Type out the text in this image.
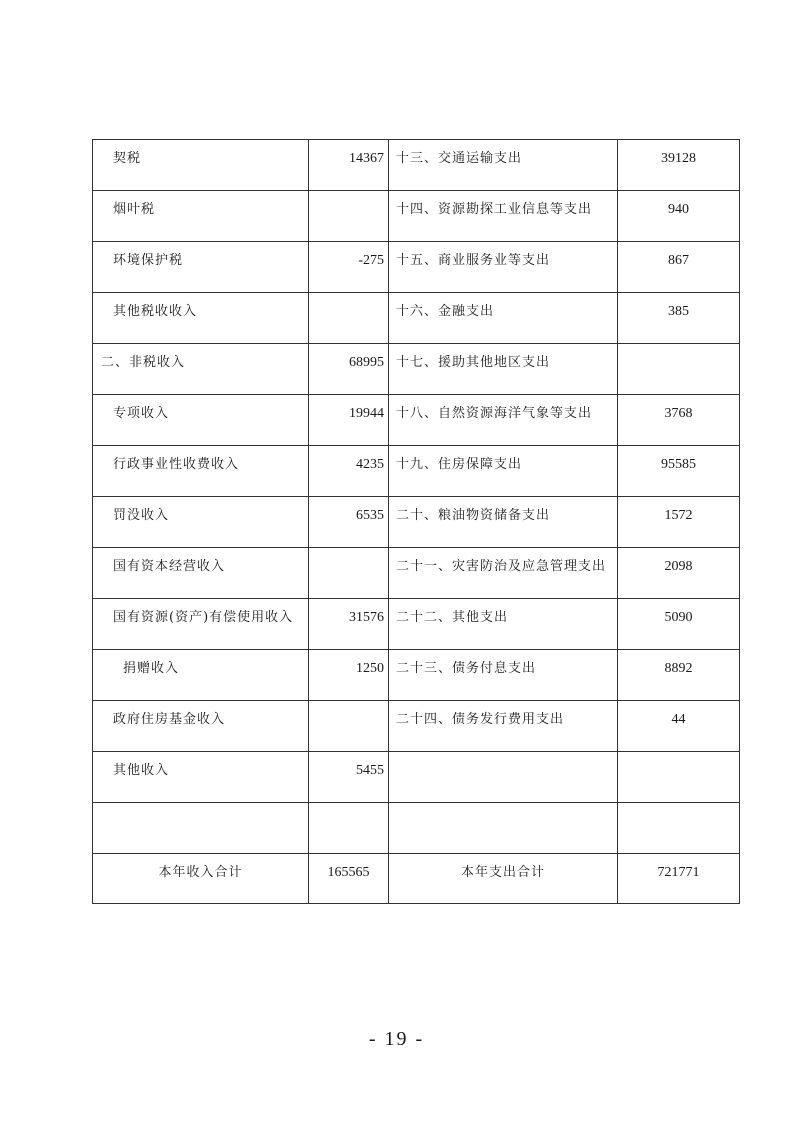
契税	14367	十三、交通运输支出	39128
烟叶税		十四、资源勘探工业信息等支出	940
环境保护税	-275	十五、商业服务业等支出	867
其他税收收入		十六、金融支出	385
二、非税收入	68995	十七、援助其他地区支出	
专项收入	19944	十八、自然资源海洋气象等支出	3768
行政事业性收费收入	4235	十九、住房保障支出	95585
罚没收入	6535	二十、粮油物资储备支出	1572
国有资本经营收入		二十一、灾害防治及应急管理支出	2098
国有资源(资产)有偿使用收入	31576	二十二、其他支出	5090
捐赠收入	1250	二十三、债务付息支出	8892
政府住房基金收入		二十四、债务发行费用支出	44
其他收入	5455		

本年收入合计	165565	本年支出合计	721771
- 19 -
